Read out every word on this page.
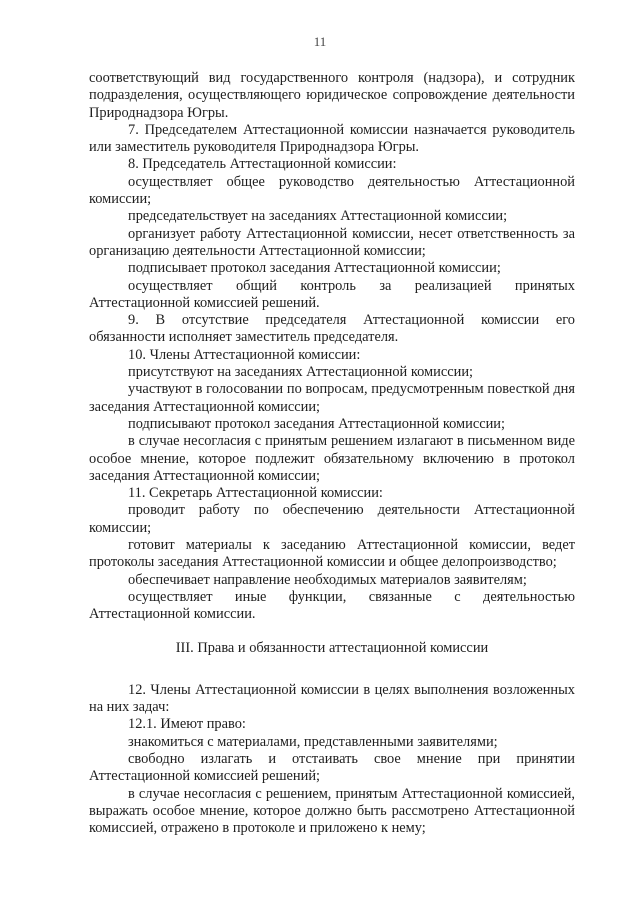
11

соответствующий вид государственного контроля (надзора), и сотрудник подразделения, осуществляющего юридическое сопровождение деятельности Природнадзора Югры.

7. Председателем Аттестационной комиссии назначается руководитель или заместитель руководителя Природнадзора Югры.

8. Председатель Аттестационной комиссии:

осуществляет общее руководство деятельностью Аттестационной комиссии;

председательствует на заседаниях Аттестационной комиссии;

организует работу Аттестационной комиссии, несет ответственность за организацию деятельности Аттестационной комиссии;

подписывает протокол заседания Аттестационной комиссии;

осуществляет общий контроль за реализацией принятых Аттестационной комиссией решений.

9. В отсутствие председателя Аттестационной комиссии его обязанности исполняет заместитель председателя.

10. Члены Аттестационной комиссии:

присутствуют на заседаниях Аттестационной комиссии;

участвуют в голосовании по вопросам, предусмотренным повесткой дня заседания Аттестационной комиссии;

подписывают протокол заседания Аттестационной комиссии;

в случае несогласия с принятым решением излагают в письменном виде особое мнение, которое подлежит обязательному включению в протокол заседания Аттестационной комиссии;

11. Секретарь Аттестационной комиссии:

проводит работу по обеспечению деятельности Аттестационной комиссии;

готовит материалы к заседанию Аттестационной комиссии, ведет протоколы заседания Аттестационной комиссии и общее делопроизводство;

обеспечивает направление необходимых материалов заявителям;

осуществляет иные функции, связанные с деятельностью Аттестационной комиссии.

III. Права и обязанности аттестационной комиссии

12. Члены Аттестационной комиссии в целях выполнения возложенных на них задач:

12.1. Имеют право:

знакомиться с материалами, представленными заявителями;

свободно излагать и отстаивать свое мнение при принятии Аттестационной комиссией решений;

в случае несогласия с решением, принятым Аттестационной комиссией, выражать особое мнение, которое должно быть рассмотрено Аттестационной комиссией, отражено в протоколе и приложено к нему;
